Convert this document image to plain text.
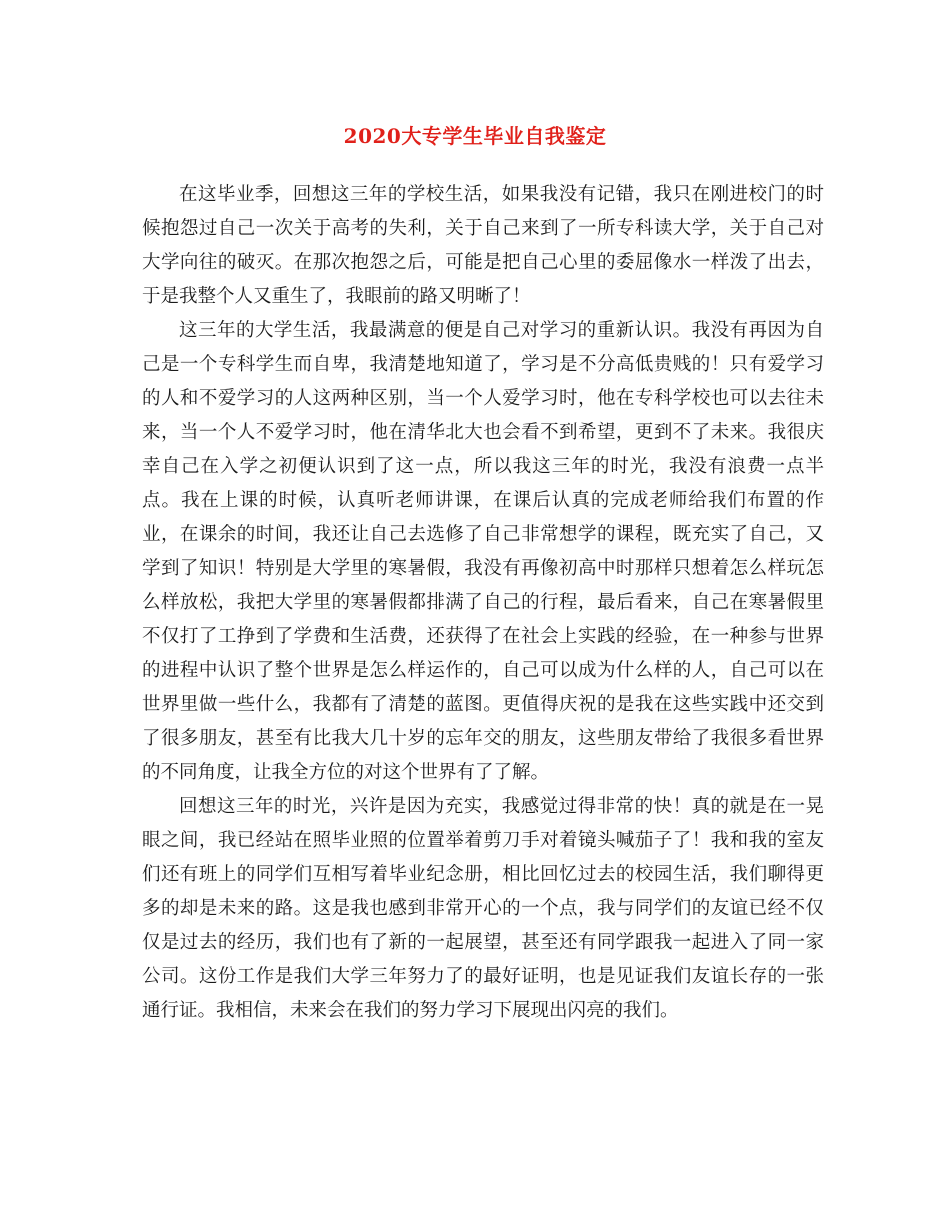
2020大专学生毕业自我鉴定

在这毕业季，回想这三年的学校生活，如果我没有记错，我只在刚进校门的时候抱怨过自己一次关于高考的失利，关于自己来到了一所专科读大学，关于自己对大学向往的破灭。在那次抱怨之后，可能是把自己心里的委屈像水一样泼了出去，于是我整个人又重生了，我眼前的路又明晰了！

这三年的大学生活，我最满意的便是自己对学习的重新认识。我没有再因为自己是一个专科学生而自卑，我清楚地知道了，学习是不分高低贵贱的！只有爱学习的人和不爱学习的人这两种区别，当一个人爱学习时，他在专科学校也可以去往未来，当一个人不爱学习时，他在清华北大也会看不到希望，更到不了未来。我很庆幸自己在入学之初便认识到了这一点，所以我这三年的时光，我没有浪费一点半点。我在上课的时候，认真听老师讲课，在课后认真的完成老师给我们布置的作业，在课余的时间，我还让自己去选修了自己非常想学的课程，既充实了自己，又学到了知识！特别是大学里的寒暑假，我没有再像初高中时那样只想着怎么样玩怎么样放松，我把大学里的寒暑假都排满了自己的行程，最后看来，自己在寒暑假里不仅打了工挣到了学费和生活费，还获得了在社会上实践的经验，在一种参与世界的进程中认识了整个世界是怎么样运作的，自己可以成为什么样的人，自己可以在世界里做一些什么，我都有了清楚的蓝图。更值得庆祝的是我在这些实践中还交到了很多朋友，甚至有比我大几十岁的忘年交的朋友，这些朋友带给了我很多看世界的不同角度，让我全方位的对这个世界有了了解。

回想这三年的时光，兴许是因为充实，我感觉过得非常的快！真的就是在一晃眼之间，我已经站在照毕业照的位置举着剪刀手对着镜头喊茄子了！我和我的室友们还有班上的同学们互相写着毕业纪念册，相比回忆过去的校园生活，我们聊得更多的却是未来的路。这是我也感到非常开心的一个点，我与同学们的友谊已经不仅仅是过去的经历，我们也有了新的一起展望，甚至还有同学跟我一起进入了同一家公司。这份工作是我们大学三年努力了的最好证明，也是见证我们友谊长存的一张通行证。我相信，未来会在我们的努力学习下展现出闪亮的我们。
